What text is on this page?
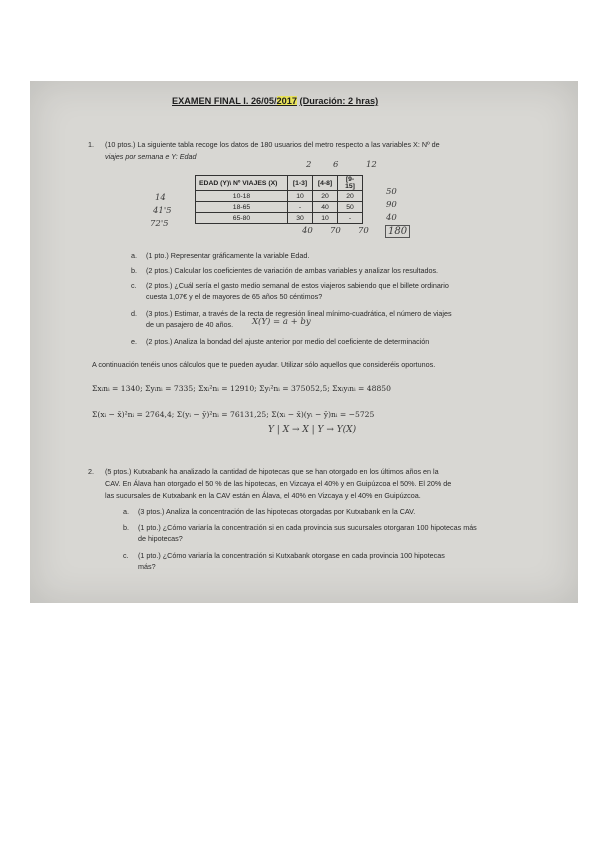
EXAMEN FINAL I. 26/05/2017 (Duración: 2 hras)
1. (10 ptos.) La siguiente tabla recoge los datos de 180 usuarios del metro respecto a las variables X: Nº de
viajes por semana e Y: Edad
2	6	12
EDAD (Y)\ Nº VIAJES (X)	[1-3]	[4-8]	[9-15]
10-18	10	20	20
18-65	-	40	50
65-80	30	10	-
14
41'5
72'5
50
90
40
40 70 70	180
a. (1 pto.) Representar gráficamente la variable Edad.
b. (2 ptos.) Calcular los coeficientes de variación de ambas variables y analizar los resultados.
c. (2 ptos.) ¿Cuál sería el gasto medio semanal de estos viajeros sabiendo que el billete ordinario
cuesta 1,07€ y el de mayores de 65 años 50 céntimos?
d. (3 ptos.) Estimar, a través de la recta de regresión lineal mínimo-cuadrática, el número de viajes
de un pasajero de 40 años. X(Y) = a + by
e. (2 ptos.) Analiza la bondad del ajuste anterior por medio del coeficiente de determinación
A continuación tenéis unos cálculos que te pueden ayudar. Utilizar sólo aquellos que consideréis oportunos.
Σxᵢnᵢ = 1340; Σyᵢnᵢ = 7335; Σxᵢ²nᵢ = 12910; Σyᵢ²nᵢ = 375052,5; Σxᵢyᵢnᵢ = 48850
Σ(xᵢ − x̄)²nᵢ = 2764,4; Σ(yᵢ − ȳ)²nᵢ = 76131,25; Σ(xᵢ − x̄)(yᵢ − ȳ)nᵢ = −5725
Y | X → X | Y → Y(X)
2. (5 ptos.) Kutxabank ha analizado la cantidad de hipotecas que se han otorgado en los últimos años en la
CAV. En Álava han otorgado el 50 % de las hipotecas, en Vizcaya el 40% y en Guipúzcoa el 50%. El 20% de
las sucursales de Kutxabank en la CAV están en Álava, el 40% en Vizcaya y el 40% en Guipúzcoa.
a. (3 ptos.) Analiza la concentración de las hipotecas otorgadas por Kutxabank en la CAV.
b. (1 pto.) ¿Cómo variaría la concentración si en cada provincia sus sucursales otorgaran 100 hipotecas más
de hipotecas?
c. (1 pto.) ¿Cómo variaría la concentración si Kutxabank otorgase en cada provincia 100 hipotecas
más?
